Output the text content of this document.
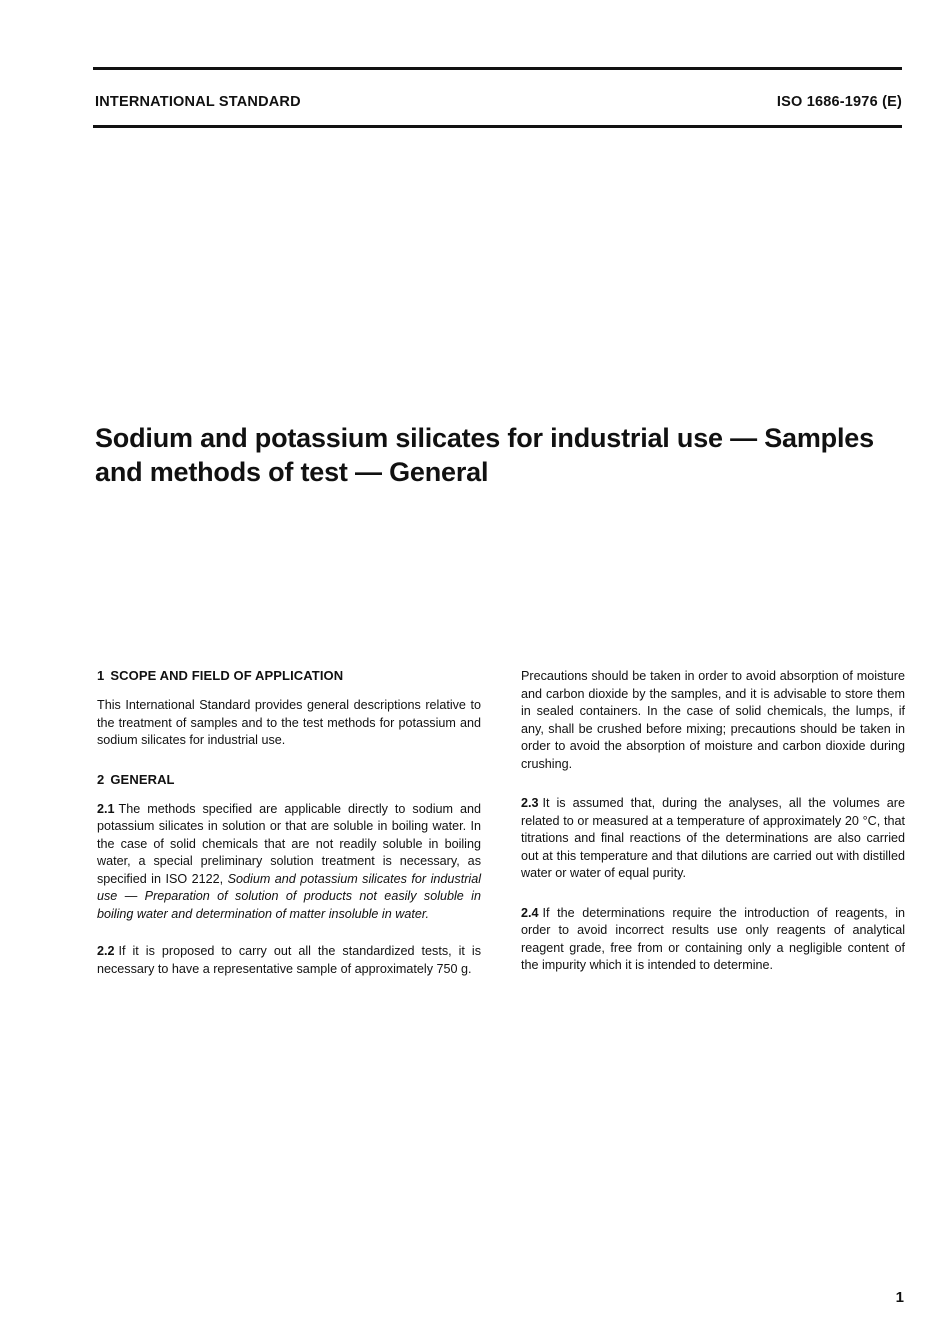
INTERNATIONAL STANDARD	ISO 1686-1976 (E)
Sodium and potassium silicates for industrial use — Samples
and methods of test — General
1 SCOPE AND FIELD OF APPLICATION

This International Standard provides general descriptions relative to the treatment of samples and to the test methods for potassium and sodium silicates for industrial use.

2 GENERAL

2.1 The methods specified are applicable directly to sodium and potassium silicates in solution or that are soluble in boiling water. In the case of solid chemicals that are not readily soluble in boiling water, a special preliminary solution treatment is necessary, as specified in ISO 2122, Sodium and potassium silicates for industrial use — Preparation of solution of products not easily soluble in boiling water and determination of matter insoluble in water.

2.2 If it is proposed to carry out all the standardized tests, it is necessary to have a representative sample of approximately 750 g.

Precautions should be taken in order to avoid absorption of moisture and carbon dioxide by the samples, and it is advisable to store them in sealed containers. In the case of solid chemicals, the lumps, if any, shall be crushed before mixing; precautions should be taken in order to avoid the absorption of moisture and carbon dioxide during crushing.

2.3 It is assumed that, during the analyses, all the volumes are related to or measured at a temperature of approximately 20 °C, that titrations and final reactions of the determinations are also carried out at this temperature and that dilutions are carried out with distilled water or water of equal purity.

2.4 If the determinations require the introduction of reagents, in order to avoid incorrect results use only reagents of analytical reagent grade, free from or containing only a negligible content of the impurity which it is intended to determine.

1
